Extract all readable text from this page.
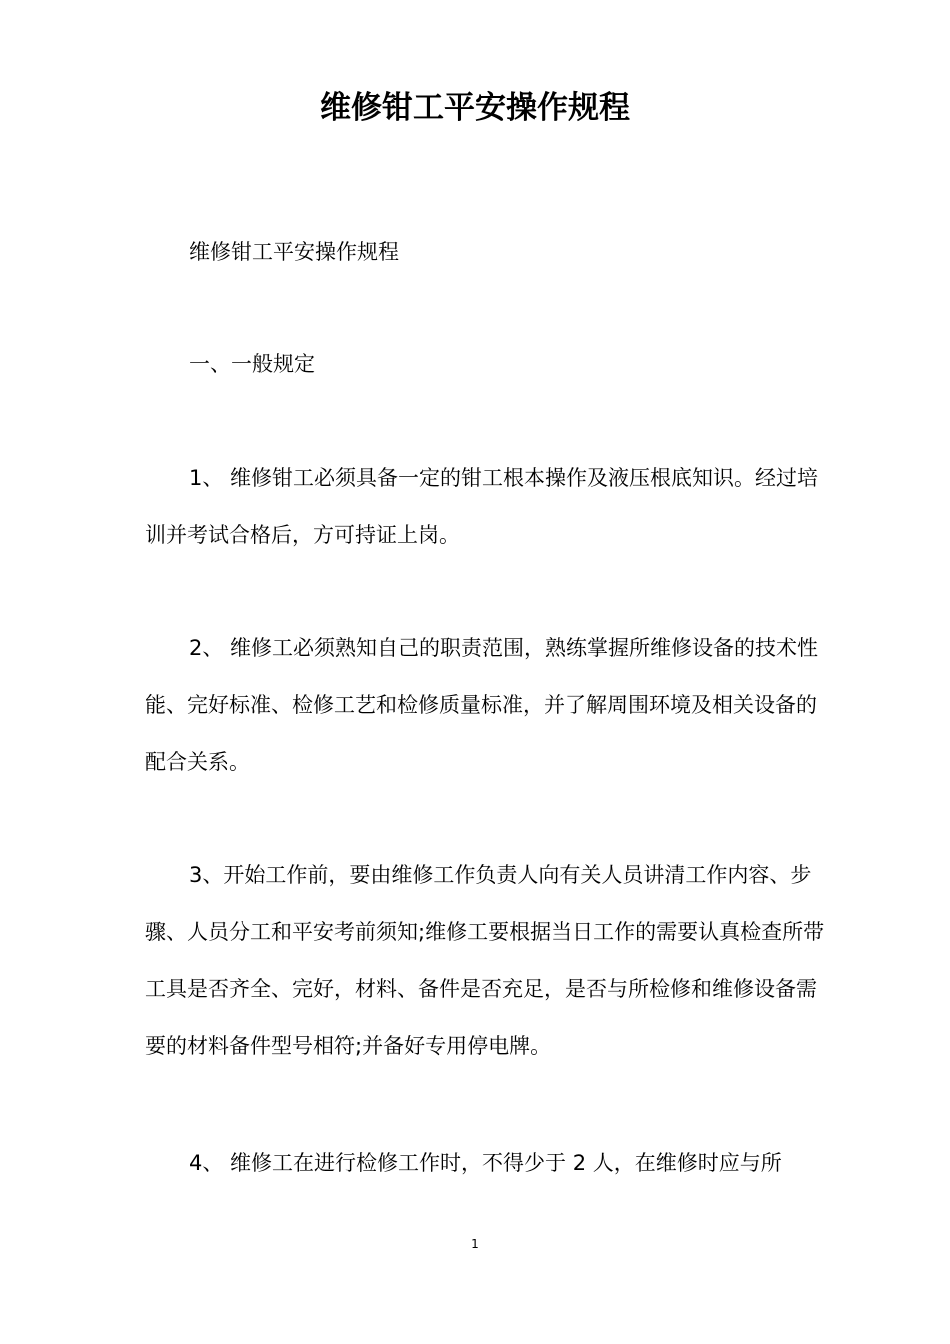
维修钳工平安操作规程

维修钳工平安操作规程

一、一般规定

1、 维修钳工必须具备一定的钳工根本操作及液压根底知识。经过培训并考试合格后，方可持证上岗。

2、 维修工必须熟知自己的职责范围，熟练掌握所维修设备的技术性能、完好标准、检修工艺和检修质量标准，并了解周围环境及相关设备的配合关系。

3、开始工作前，要由维修工作负责人向有关人员讲清工作内容、步骤、人员分工和平安考前须知;维修工要根据当日工作的需要认真检查所带工具是否齐全、完好，材料、备件是否充足，是否与所检修和维修设备需要的材料备件型号相符;并备好专用停电牌。

4、 维修工在进行检修工作时，不得少于 2 人，在维修时应与所

1
